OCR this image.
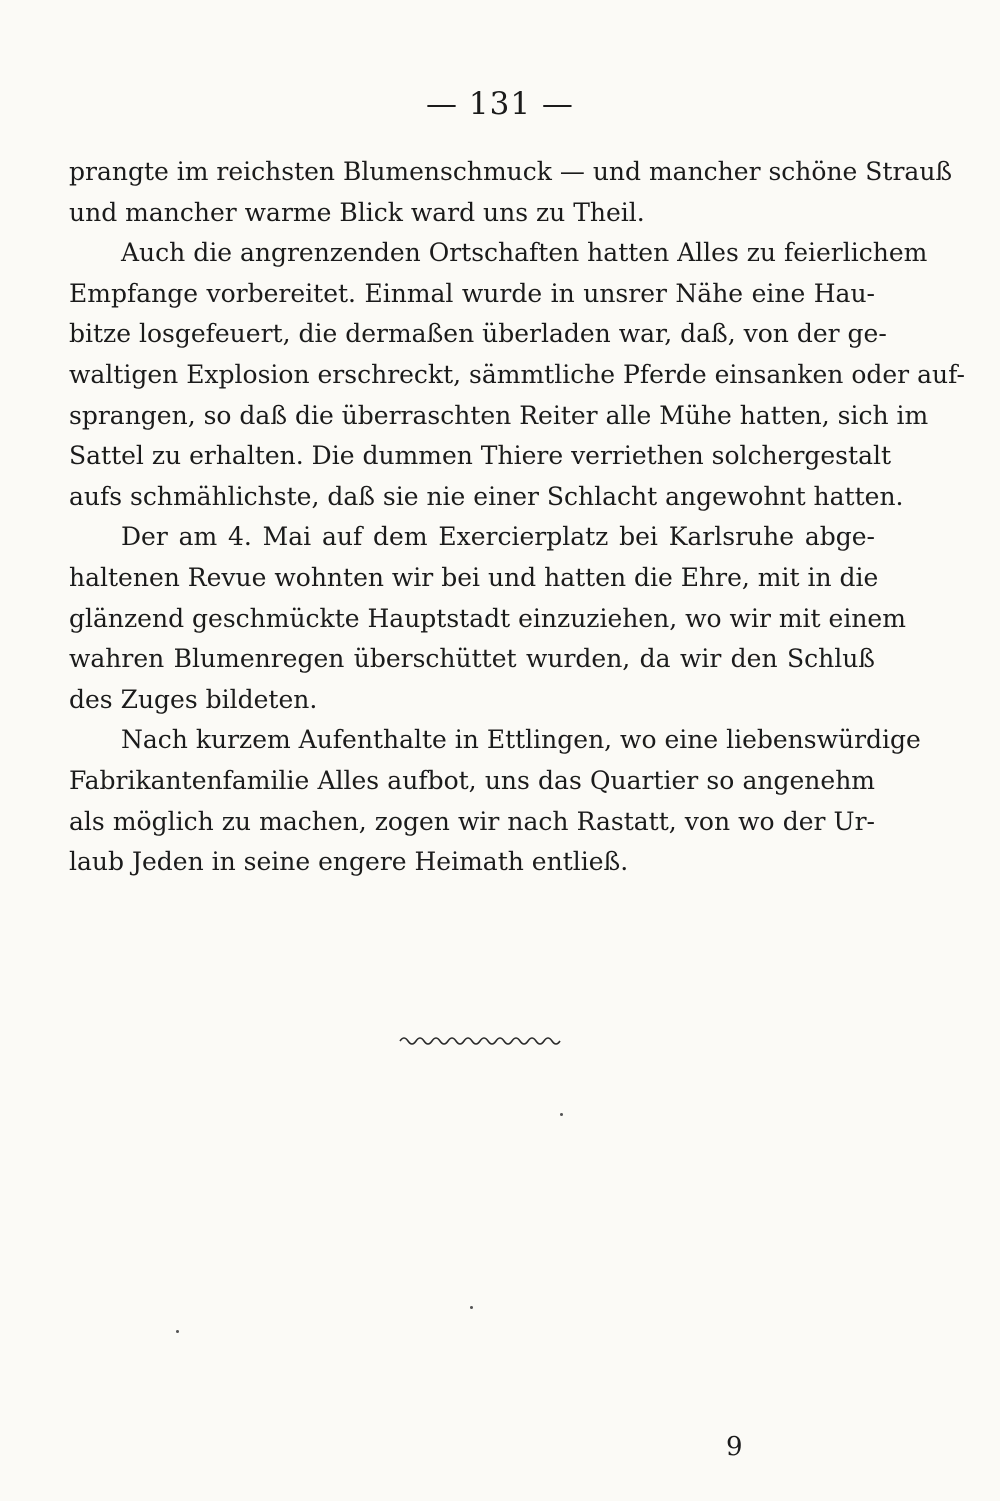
— 131 —
prangte im reichsten Blumenschmuck — und mancher schöne Strauß
und mancher warme Blick ward uns zu Theil.
Auch die angrenzenden Ortschaften hatten Alles zu feierlichem
Empfange vorbereitet. Einmal wurde in unsrer Nähe eine Hau-
bitze losgefeuert, die dermaßen überladen war, daß, von der ge-
waltigen Explosion erschreckt, sämmtliche Pferde einsanken oder auf-
sprangen, so daß die überraschten Reiter alle Mühe hatten, sich im
Sattel zu erhalten. Die dummen Thiere verriethen solchergestalt
aufs schmählichste, daß sie nie einer Schlacht angewohnt hatten.
Der am 4. Mai auf dem Exercierplatz bei Karlsruhe abge-
haltenen Revue wohnten wir bei und hatten die Ehre, mit in die
glänzend geschmückte Hauptstadt einzuziehen, wo wir mit einem
wahren Blumenregen überschüttet wurden, da wir den Schluß
des Zuges bildeten.
Nach kurzem Aufenthalte in Ettlingen, wo eine liebenswürdige
Fabrikantenfamilie Alles aufbot, uns das Quartier so angenehm
als möglich zu machen, zogen wir nach Rastatt, von wo der Ur-
laub Jeden in seine engere Heimath entließ.
9
